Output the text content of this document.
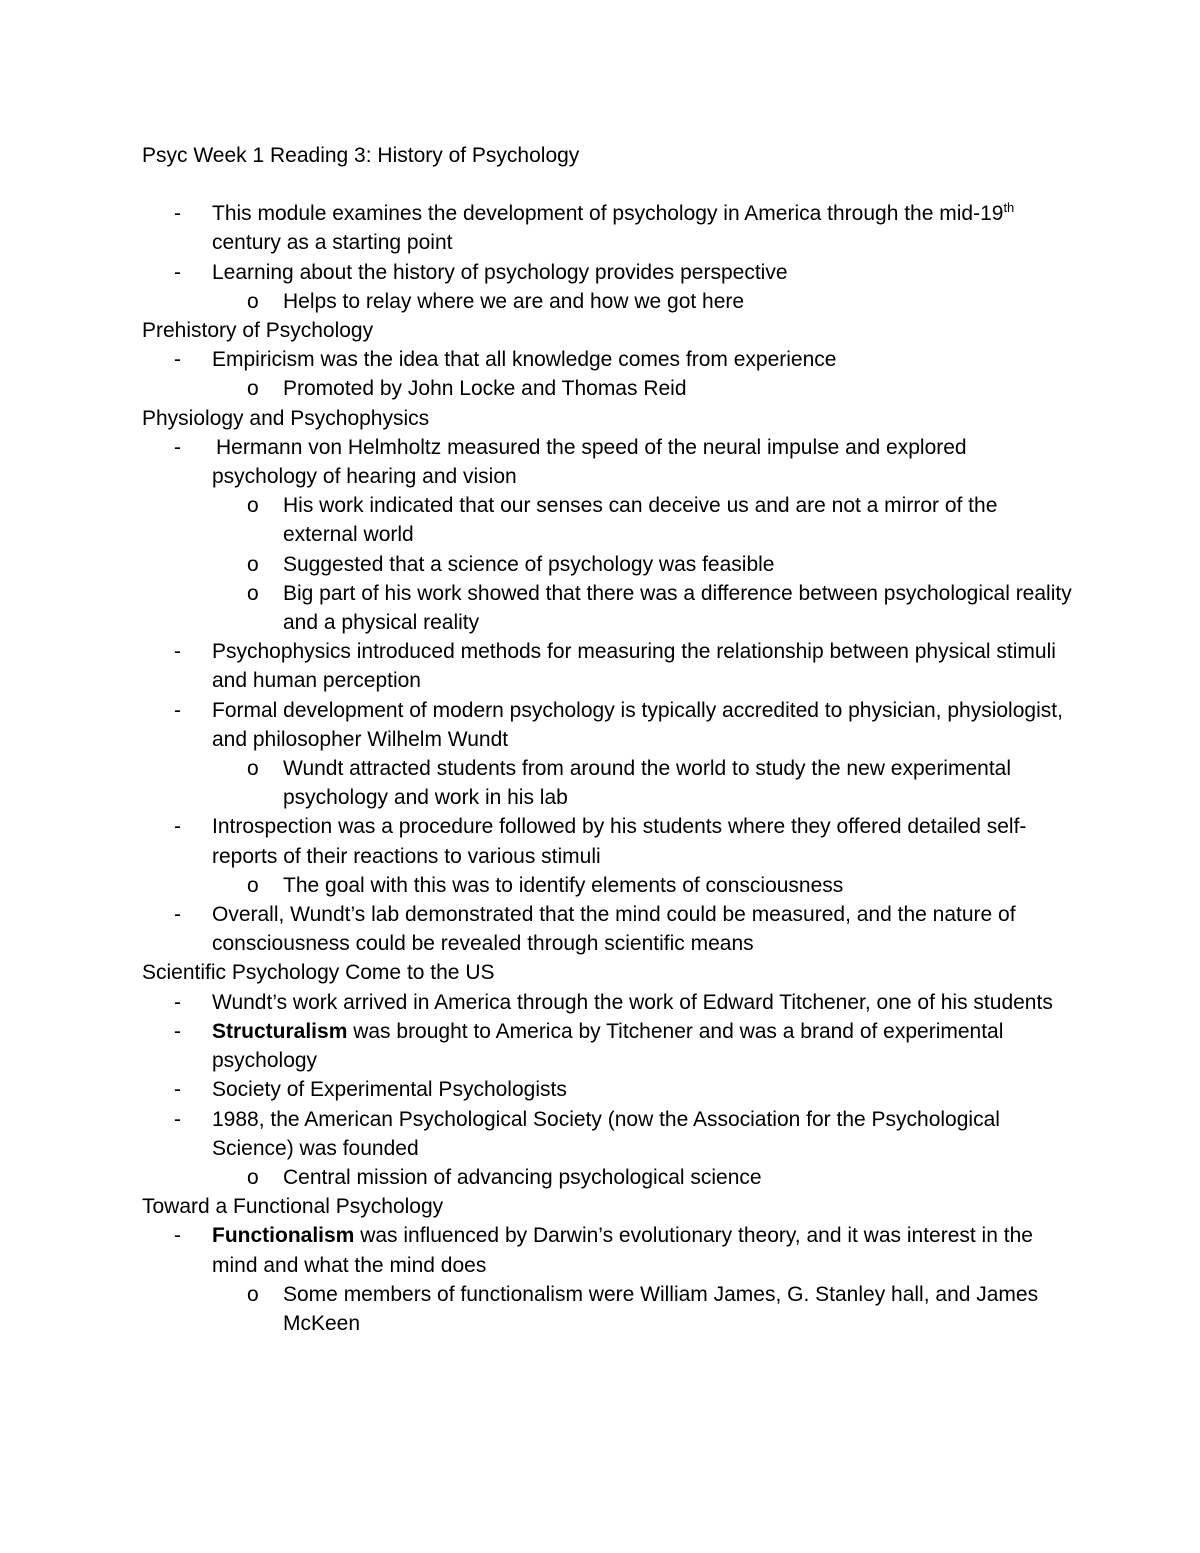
Psyc Week 1 Reading 3: History of Psychology
- This module examines the development of psychology in America through the mid-19th century as a starting point
- Learning about the history of psychology provides perspective
o Helps to relay where we are and how we got here
Prehistory of Psychology
- Empiricism was the idea that all knowledge comes from experience
o Promoted by John Locke and Thomas Reid
Physiology and Psychophysics
- Hermann von Helmholtz measured the speed of the neural impulse and explored psychology of hearing and vision
o His work indicated that our senses can deceive us and are not a mirror of the external world
o Suggested that a science of psychology was feasible
o Big part of his work showed that there was a difference between psychological reality and a physical reality
- Psychophysics introduced methods for measuring the relationship between physical stimuli and human perception
- Formal development of modern psychology is typically accredited to physician, physiologist, and philosopher Wilhelm Wundt
o Wundt attracted students from around the world to study the new experimental psychology and work in his lab
- Introspection was a procedure followed by his students where they offered detailed self-reports of their reactions to various stimuli
o The goal with this was to identify elements of consciousness
- Overall, Wundt’s lab demonstrated that the mind could be measured, and the nature of consciousness could be revealed through scientific means
Scientific Psychology Come to the US
- Wundt’s work arrived in America through the work of Edward Titchener, one of his students
- Structuralism was brought to America by Titchener and was a brand of experimental psychology
- Society of Experimental Psychologists
- 1988, the American Psychological Society (now the Association for the Psychological Science) was founded
o Central mission of advancing psychological science
Toward a Functional Psychology
- Functionalism was influenced by Darwin’s evolutionary theory, and it was interest in the mind and what the mind does
o Some members of functionalism were William James, G. Stanley hall, and James McKeen
